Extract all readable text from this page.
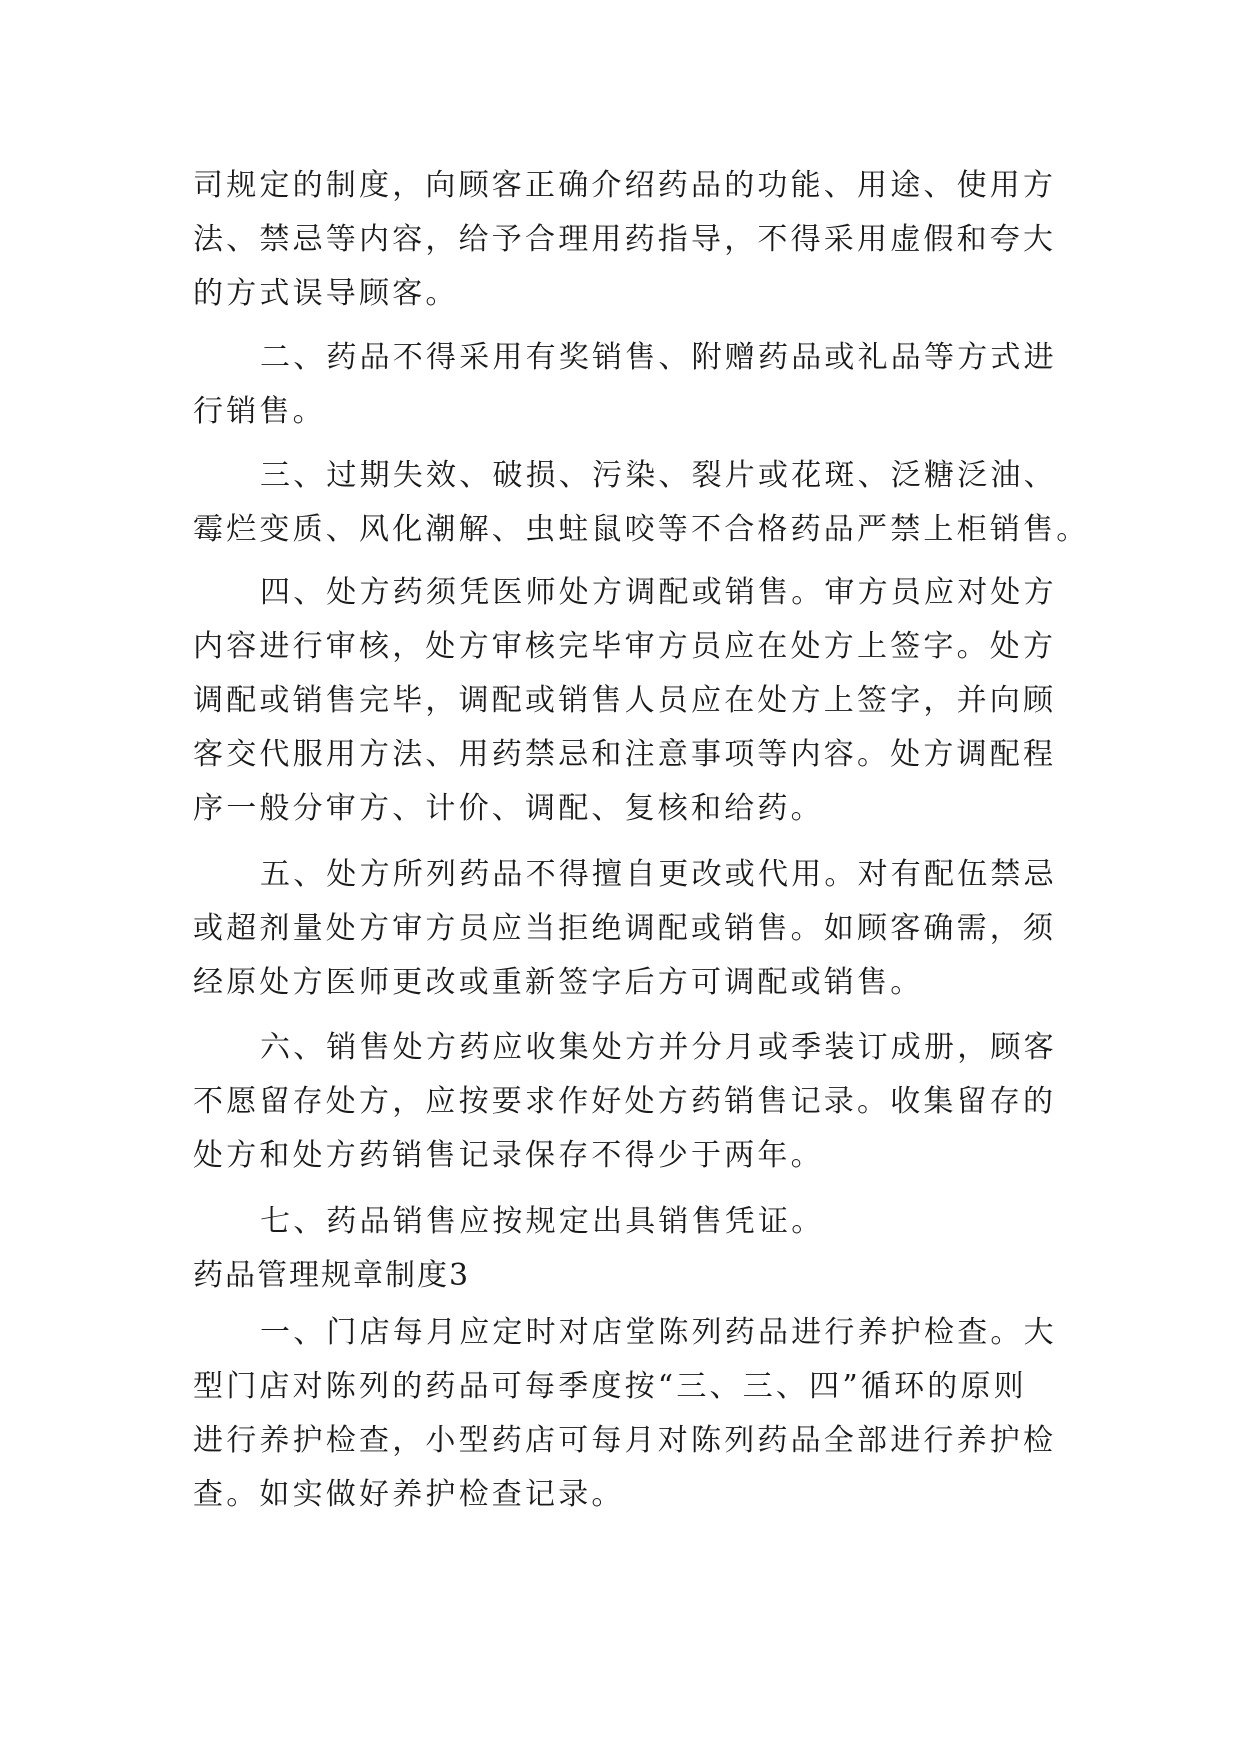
司规定的制度，向顾客正确介绍药品的功能、用途、使用方
法、禁忌等内容，给予合理用药指导，不得采用虚假和夸大
的方式误导顾客。
二、药品不得采用有奖销售、附赠药品或礼品等方式进
行销售。
三、过期失效、破损、污染、裂片或花斑、泛糖泛油、
霉烂变质、风化潮解、虫蛀鼠咬等不合格药品严禁上柜销售。
四、处方药须凭医师处方调配或销售。审方员应对处方
内容进行审核，处方审核完毕审方员应在处方上签字。处方
调配或销售完毕，调配或销售人员应在处方上签字，并向顾
客交代服用方法、用药禁忌和注意事项等内容。处方调配程
序一般分审方、计价、调配、复核和给药。
五、处方所列药品不得擅自更改或代用。对有配伍禁忌
或超剂量处方审方员应当拒绝调配或销售。如顾客确需，须
经原处方医师更改或重新签字后方可调配或销售。
六、销售处方药应收集处方并分月或季装订成册，顾客
不愿留存处方，应按要求作好处方药销售记录。收集留存的
处方和处方药销售记录保存不得少于两年。
七、药品销售应按规定出具销售凭证。
药品管理规章制度3
一、门店每月应定时对店堂陈列药品进行养护检查。大
型门店对陈列的药品可每季度按“三、三、四”循环的原则
进行养护检查，小型药店可每月对陈列药品全部进行养护检
查。如实做好养护检查记录。
